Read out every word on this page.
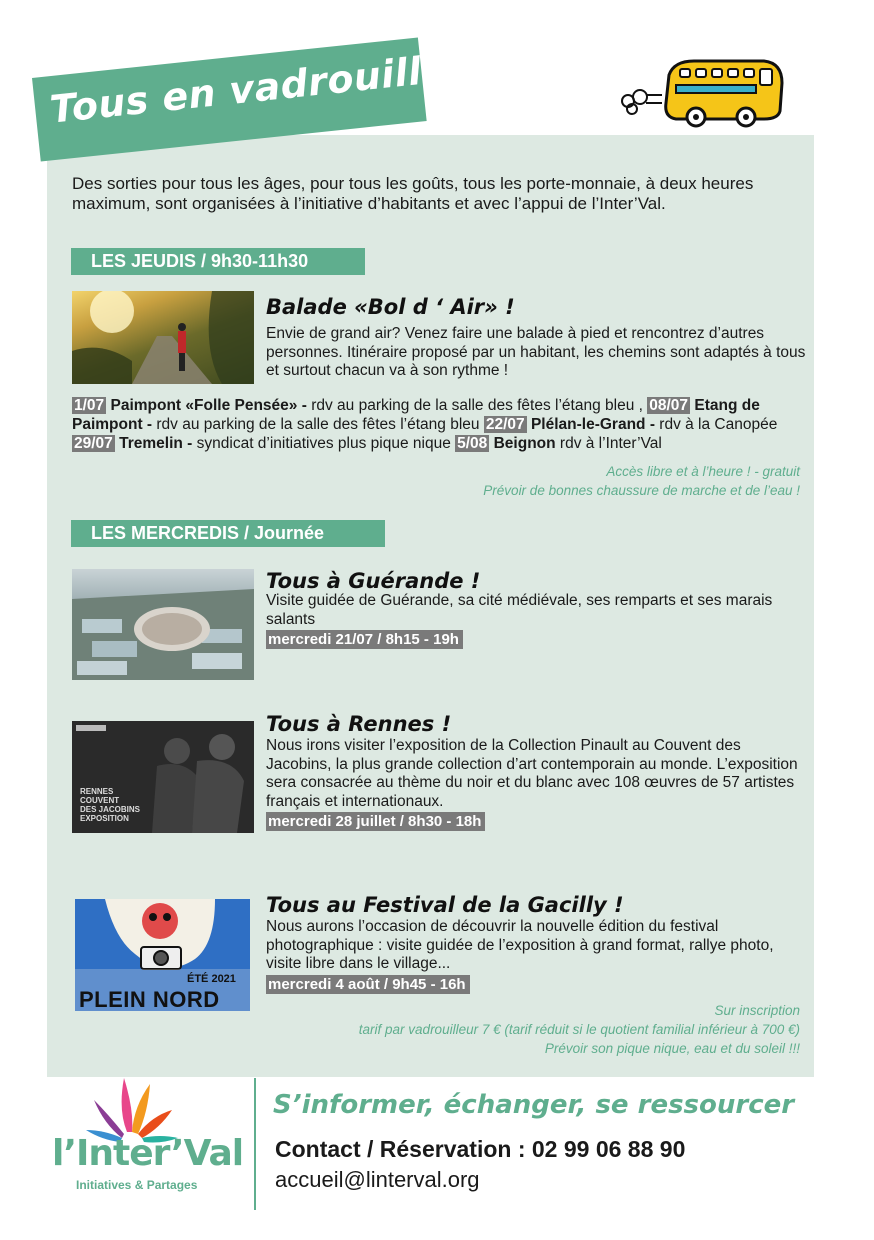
Tous en vadrouille
Des sorties pour tous les âges, pour tous les goûts, tous les porte-monnaie, à deux heures maximum, sont organisées à l’initiative d’habitants et avec l’appui de l’Inter’Val.
LES JEUDIS / 9h30-11h30
Balade «Bol d ‘ Air» !
Envie de grand air? Venez faire une balade à pied et rencontrez d’autres personnes. Itinéraire proposé par un habitant, les chemins sont adaptés à tous et surtout chacun va à son rythme !
1/07 Paimpont «Folle Pensée» - rdv au parking de la salle des fêtes l’étang bleu , 08/07 Etang de Paimpont - rdv au parking de la salle des fêtes l’étang bleu 22/07 Plélan-le-Grand - rdv à la Canopée 29/07 Tremelin - syndicat d’initiatives plus pique nique 5/08 Beignon rdv à l’Inter’Val
Accès libre et à l’heure ! - gratuit
Prévoir de bonnes chaussure de marche et de l’eau !
LES MERCREDIS / Journée
Tous à Guérande !
Visite guidée de Guérande, sa cité médiévale, ses remparts et ses marais salants
mercredi 21/07 / 8h15 - 19h
RENNES
COUVENT
DES JACOBINS
EXPOSITION
Tous à Rennes !
Nous irons visiter l’exposition de la Collection Pinault au Couvent des Jacobins, la plus grande collection d’art contemporain au monde. L’exposition sera consacrée au thème du noir et du blanc avec 108 œuvres de 57 artistes français et internationaux.
mercredi 28 juillet / 8h30 - 18h
ÉTÉ 2021
PLEIN NORD
Tous au Festival de la Gacilly !
Nous aurons l’occasion de découvrir la nouvelle édition du festival photographique : visite guidée de l’exposition à grand format, rallye photo, visite libre dans le village...
mercredi 4 août / 9h45 - 16h
Sur inscription
tarif par vadrouilleur 7 € (tarif réduit si le quotient familial inférieur à 700 €)
Prévoir son pique nique, eau et du soleil !!!
l’Inter’Val
Initiatives & Partages
S’informer, échanger, se ressourcer
Contact / Réservation : 02 99 06 88 90
accueil@linterval.org
